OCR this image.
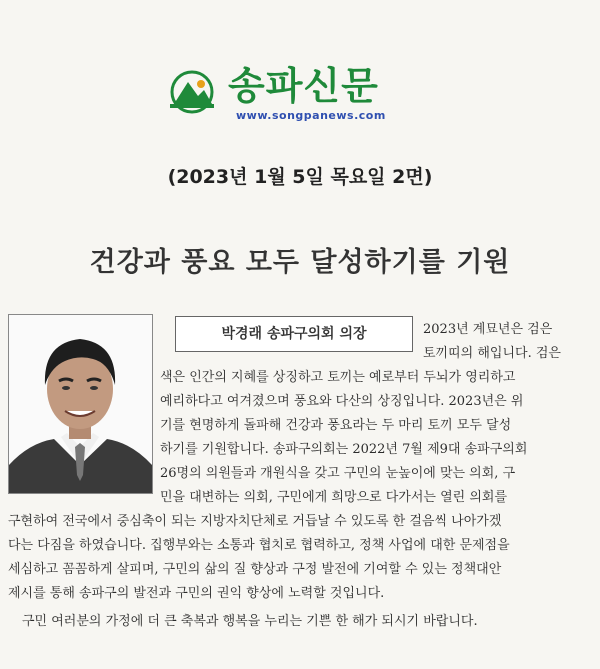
송파신문
www.songpanews.com
(2023년 1월 5일 목요일 2면)
건강과 풍요 모두 달성하기를 기원
박경래 송파구의회 의장	2023년 계묘년은 검은
토끼띠의 해입니다. 검은
색은 인간의 지혜를 상징하고 토끼는 예로부터 두뇌가 영리하고
예리하다고 여겨졌으며 풍요와 다산의 상징입니다. 2023년은 위
기를 현명하게 돌파해 건강과 풍요라는 두 마리 토끼 모두 달성
하기를 기원합니다. 송파구의회는 2022년 7월 제9대 송파구의회
26명의 의원들과 개원식을 갖고 구민의 눈높이에 맞는 의회, 구
민을 대변하는 의회, 구민에게 희망으로 다가서는 열린 의회를
구현하여 전국에서 중심축이 되는 지방자치단체로 거듭날 수 있도록 한 걸음씩 나아가겠
다는 다짐을 하였습니다. 집행부와는 소통과 협치로 협력하고, 정책 사업에 대한 문제점을
세심하고 꼼꼼하게 살피며, 구민의 삶의 질 향상과 구정 발전에 기여할 수 있는 정책대안
제시를 통해 송파구의 발전과 구민의 권익 향상에 노력할 것입니다.
구민 여러분의 가정에 더 큰 축복과 행복을 누리는 기쁜 한 해가 되시기 바랍니다.
